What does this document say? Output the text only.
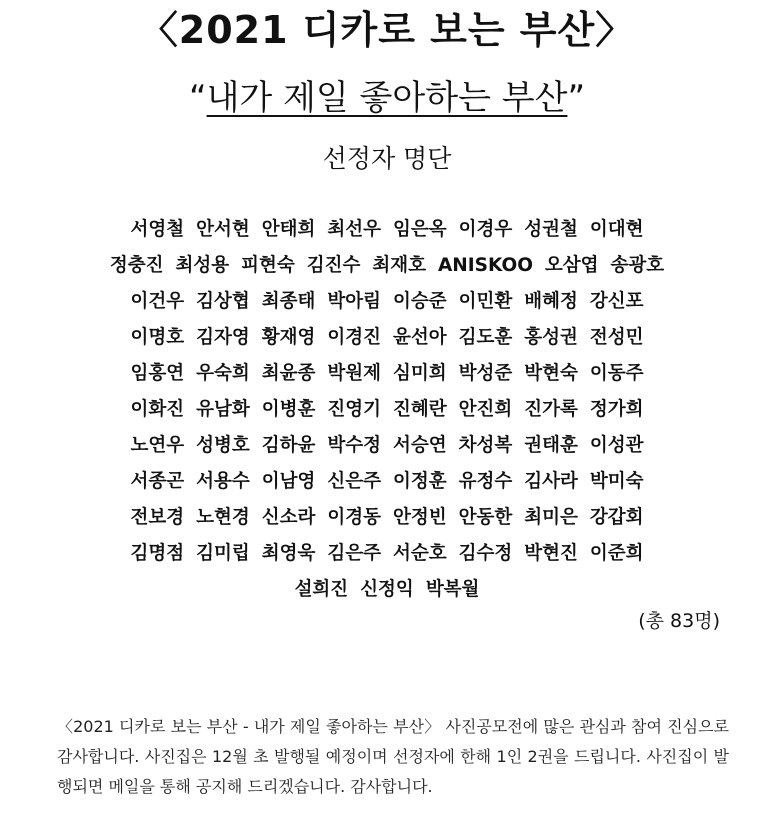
〈2021 디카로 보는 부산〉
“내가 제일 좋아하는 부산”
선정자 명단
서영철 안서현 안태희 최선우 임은옥 이경우 성권철 이대현
정충진 최성용 피현숙 김진수 최재호 ANISKOO 오삼엽 송광호
이건우 김상협 최종태 박아림 이승준 이민환 배혜정 강신포
이명호 김자영 황재영 이경진 윤선아 김도훈 홍성권 전성민
임홍연 우숙희 최윤종 박원제 심미희 박성준 박현숙 이동주
이화진 유남화 이병훈 진영기 진혜란 안진희 진가록 정가희
노연우 성병호 김하윤 박수정 서승연 차성복 권태훈 이성관
서종곤 서용수 이남영 신은주 이정훈 유정수 김사라 박미숙
전보경 노현경 신소라 이경동 안정빈 안동한 최미은 강갑회
김명점 김미립 최영욱 김은주 서순호 김수정 박현진 이준희
설희진 신정익 박복월
(총 83명)
〈2021 디카로 보는 부산 - 내가 제일 좋아하는 부산〉 사진공모전에 많은 관심과 참여 진심으로 감사합니다. 사진집은 12월 초 발행될 예정이며 선정자에 한해 1인 2권을 드립니다. 사진집이 발행되면 메일을 통해 공지해 드리겠습니다. 감사합니다.
